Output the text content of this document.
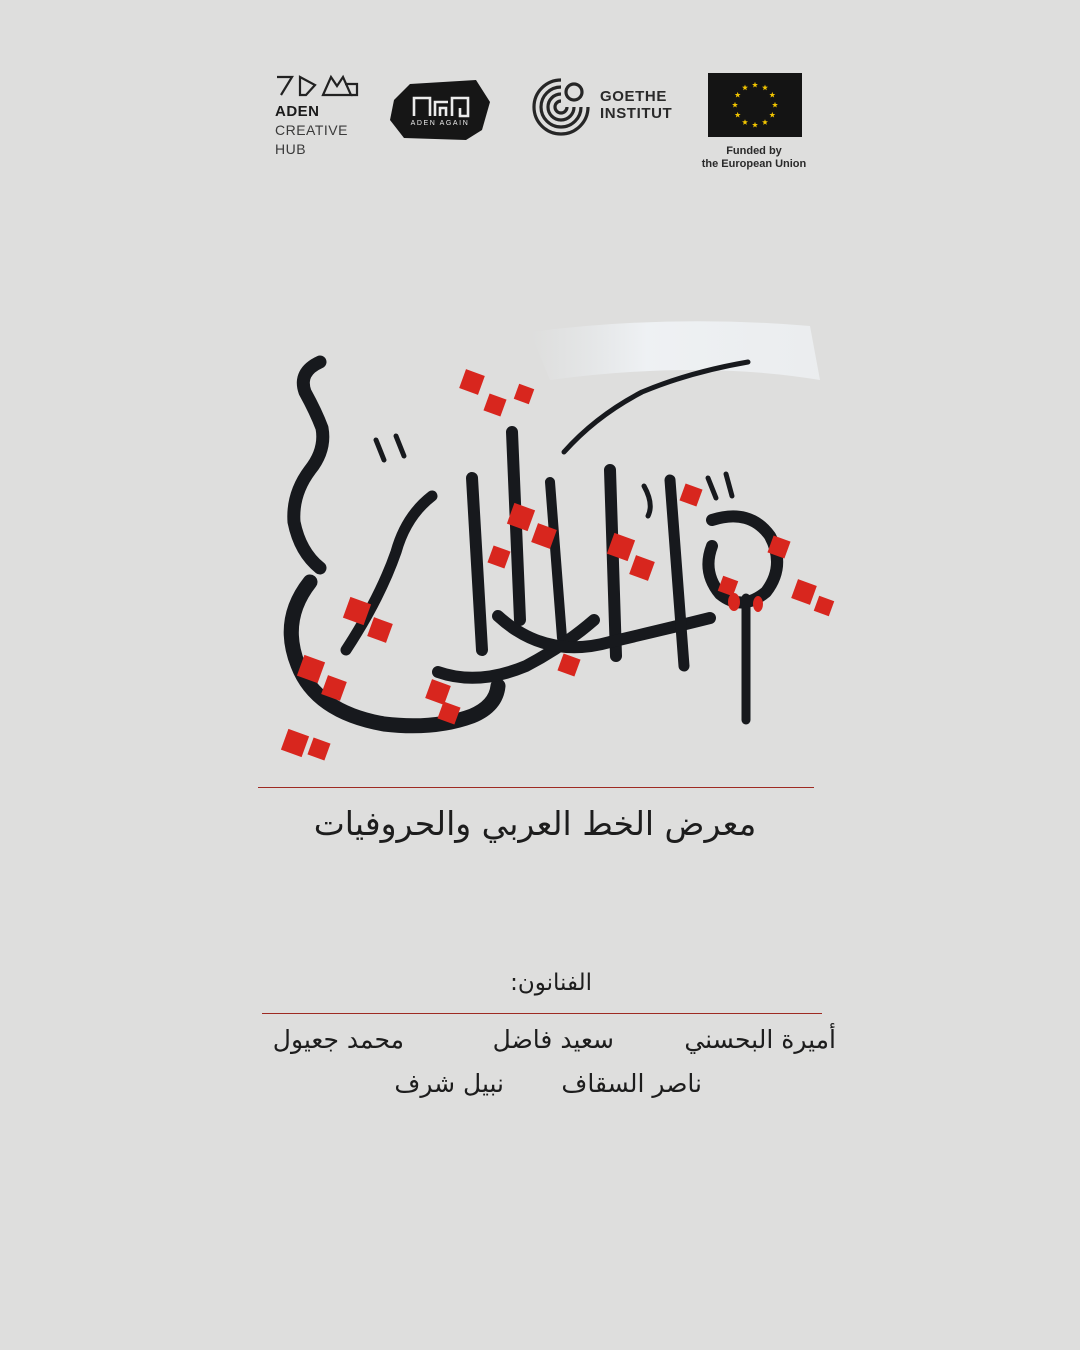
ADEN
CREATIVE
HUB
ADEN AGAIN
GOETHE
INSTITUT
Funded by
the European Union
معرض الخط العربي والحروفيات
الفنانون:
أميرة البحسني
سعيد فاضل
محمد جعيول
ناصر السقاف
نبيل شرف
